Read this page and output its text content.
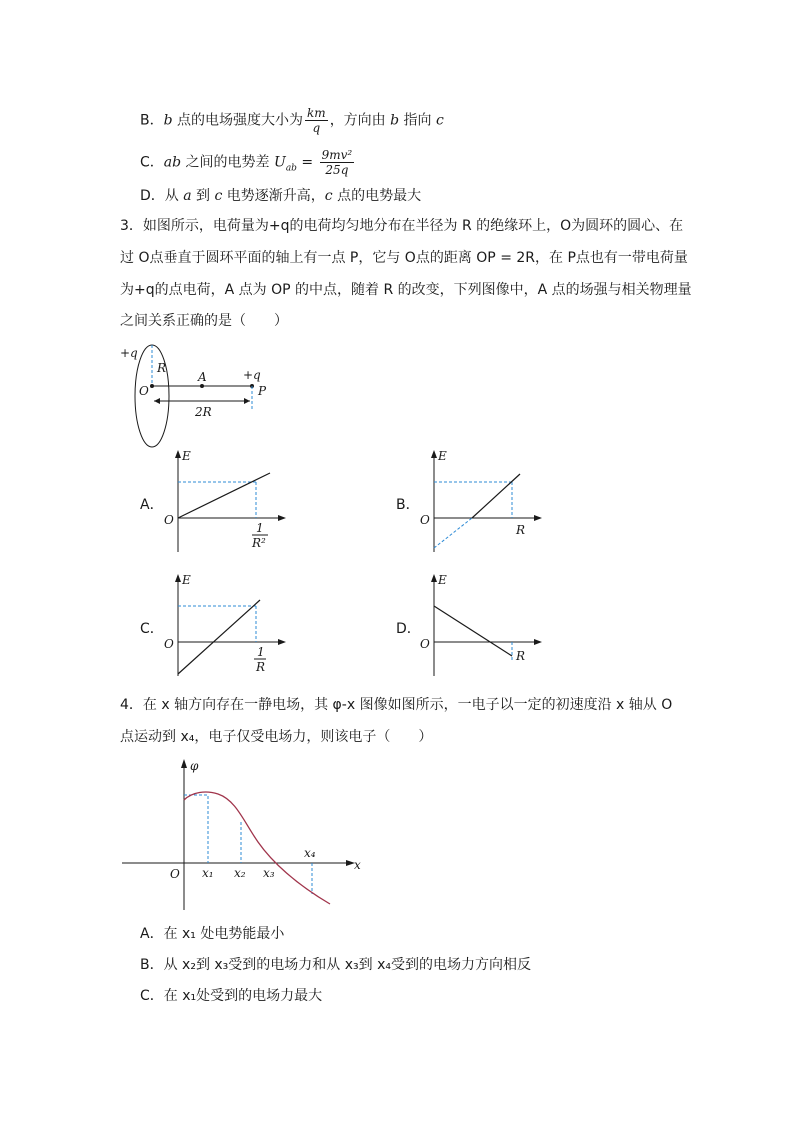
B．b 点的电场强度大小为 $\frac{km}{q}$ ，方向由 b 指向 c
C．ab 之间的电势差 $U_{ab} = \frac{\text{9mv²}}{25q}$
D．从 a 到 c 电势逐渐升高，c 点的电势最大
3．如图所示，电荷量为+q的电荷均匀地分布在半径为 R 的绝缘环上，O为圆环的圆心、在
过 O点垂直于圆环平面的轴上有一点 P，它与 O点的距离 OP = 2R，在 P点也有一带电荷量
为+q的点电荷，A 点为 OP 的中点，随着 R 的改变，下列图像中，A 点的场强与相关物理量
之间关系正确的是（　　）
+q
R
O
A	+q
P
2R
A．
E
O
1
R²
B．
E
O
R
C．
E
O
1
R
D．
E
O
R
4．在 x 轴方向存在一静电场，其 φ-x 图像如图所示，一电子以一定的初速度沿 x 轴从 O
点运动到 x₄，电子仅受电场力，则该电子（　　）
φ
x
O x₁ x₂ x₃
x₄
A．在 x₁ 处电势能最小
B．从 x₂到 x₃受到的电场力和从 x₃到 x₄受到的电场力方向相反
C．在 x₁处受到的电场力最大
